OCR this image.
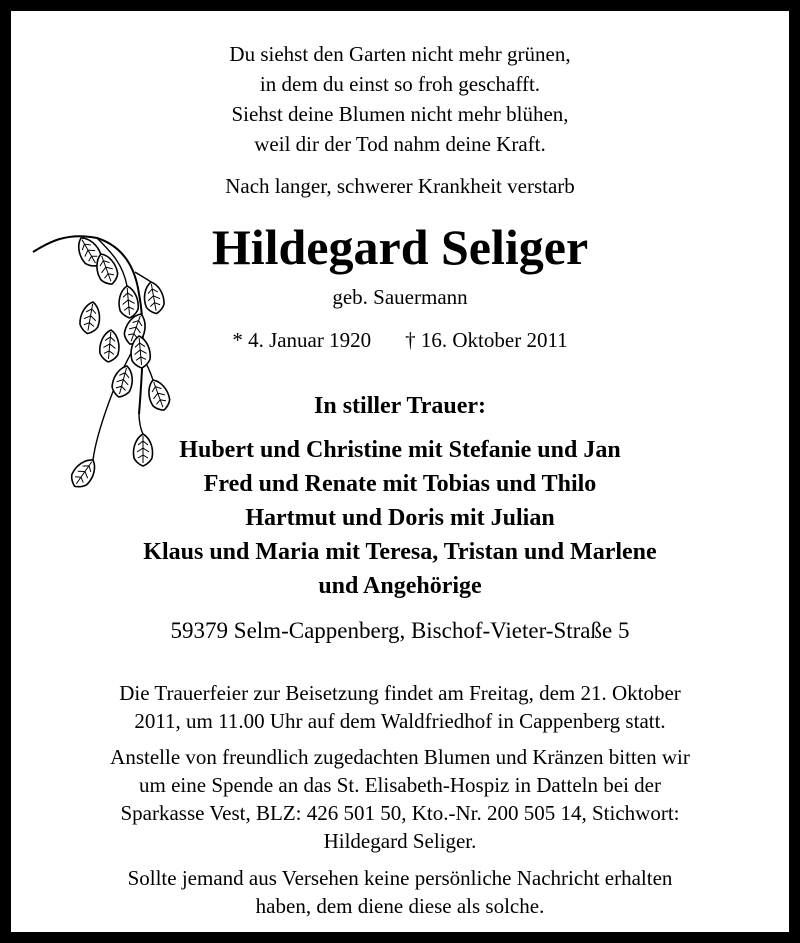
Du siehst den Garten nicht mehr grünen,
in dem du einst so froh geschafft.
Siehst deine Blumen nicht mehr blühen,
weil dir der Tod nahm deine Kraft.
Nach langer, schwerer Krankheit verstarb
Hildegard Seliger
geb. Sauermann
* 4. Januar 1920 † 16. Oktober 2011
In stiller Trauer:
Hubert und Christine mit Stefanie und Jan
Fred und Renate mit Tobias und Thilo
Hartmut und Doris mit Julian
Klaus und Maria mit Teresa, Tristan und Marlene
und Angehörige
59379 Selm-Cappenberg, Bischof-Vieter-Straße 5
Die Trauerfeier zur Beisetzung findet am Freitag, dem 21. Oktober
2011, um 11.00 Uhr auf dem Waldfriedhof in Cappenberg statt.
Anstelle von freundlich zugedachten Blumen und Kränzen bitten wir
um eine Spende an das St. Elisabeth-Hospiz in Datteln bei der
Sparkasse Vest, BLZ: 426 501 50, Kto.-Nr. 200 505 14, Stichwort:
Hildegard Seliger.
Sollte jemand aus Versehen keine persönliche Nachricht erhalten
haben, dem diene diese als solche.
